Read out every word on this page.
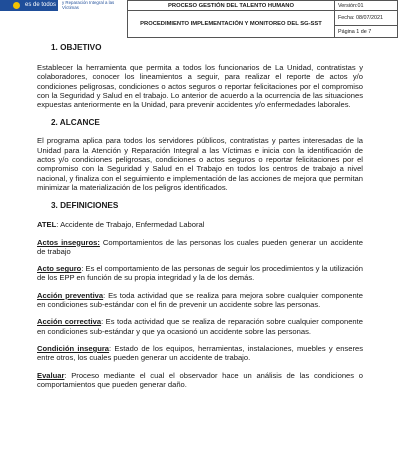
es de todos	y Reparación Integral a las Víctimas	PROCESO GESTIÓN DEL TALENTO HUMANO	Versión:01
PROCEDIMIENTO IMPLEMENTACIÓN Y MONITOREO DEL SG-SST	Fecha: 08/07/2021
	Página 1 de 7

1. OBJETIVO

Establecer la herramienta que permita a todos los funcionarios de La Unidad, contratistas y colaboradores, conocer los lineamientos a seguir, para realizar el reporte de actos y/o condiciones peligrosas, condiciones o actos seguros o reportar felicitaciones por el compromiso con la Seguridad y Salud en el trabajo. Lo anterior de acuerdo a la ocurrencia de las situaciones expuestas anteriormente en la Unidad, para prevenir accidentes y/o enfermedades laborales.

2. ALCANCE

El programa aplica para todos los servidores públicos, contratistas y partes interesadas de la Unidad para la Atención y Reparación Integral a las Víctimas e inicia con la identificación de actos y/o condiciones peligrosas, condiciones o actos seguros o reportar felicitaciones por el compromiso con la Seguridad y Salud en el Trabajo en todos los centros de trabajo a nivel nacional, y finaliza con el seguimiento e implementación de las acciones de mejora que permitan minimizar la materialización de los peligros identificados.

3. DEFINICIONES

ATEL: Accidente de Trabajo, Enfermedad Laboral

Actos inseguros: Comportamientos de las personas los cuales pueden generar un accidente de trabajo

Acto seguro: Es el comportamiento de las personas de seguir los procedimientos y la utilización de los EPP en función de su propia integridad y la de los demás.

Acción preventiva: Es toda actividad que se realiza para mejora sobre cualquier componente en condiciones sub-estándar con el fin de prevenir un accidente sobre las personas.

Acción correctiva: Es toda actividad que se realiza de reparación sobre cualquier componente en condiciones sub-estándar y que ya ocasionó un accidente sobre las personas.

Condición insegura: Estado de los equipos, herramientas, instalaciones, muebles y enseres entre otros, los cuales pueden generar un accidente de trabajo.

Evaluar: Proceso mediante el cual el observador hace un análisis de las condiciones o comportamientos que pueden generar daño.
